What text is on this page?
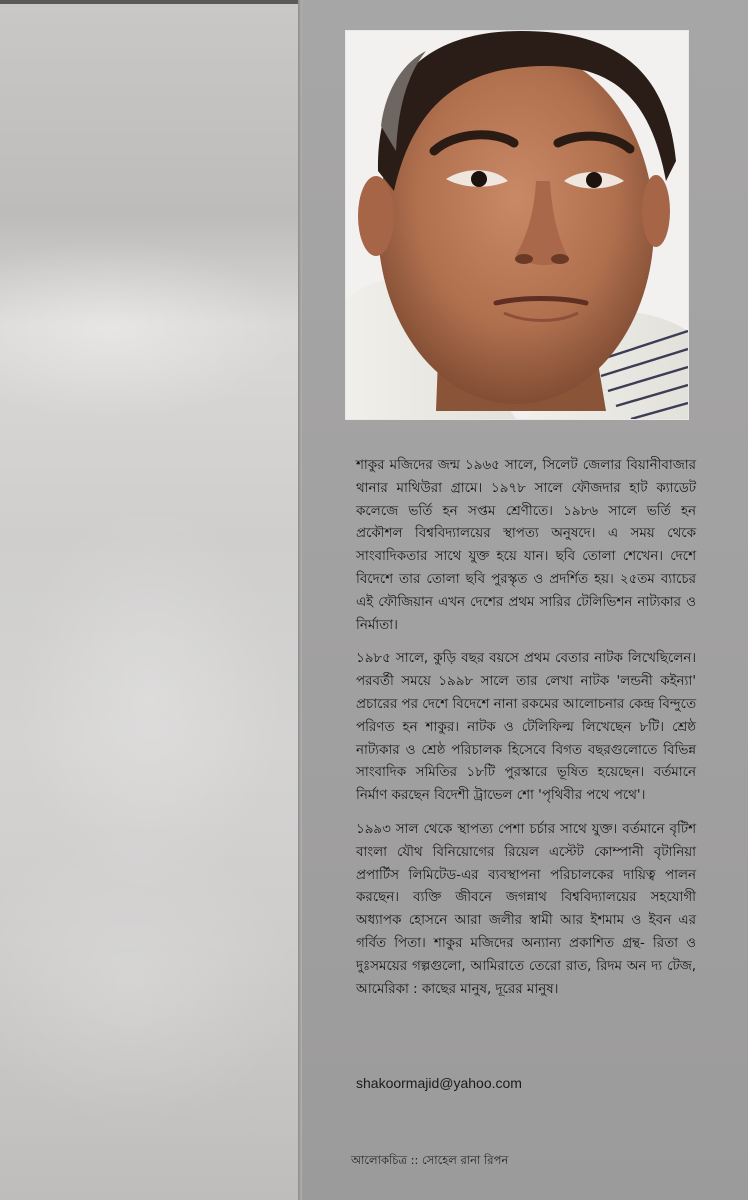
শাকুর মজিদের জন্ম ১৯৬৫ সালে, সিলেট জেলার বিয়ানীবাজার থানার মাথিউরা গ্রামে। ১৯৭৮ সালে ফৌজদার হাট ক্যাডেট কলেজে ভর্তি হন সপ্তম শ্রেণীতে। ১৯৮৬ সালে ভর্তি হন প্রকৌশল বিশ্ববিদ্যালয়ের স্থাপত্য অনুষদে। এ সময় থেকে সাংবাদিকতার সাথে যুক্ত হয়ে যান। ছবি তোলা শেখেন। দেশে বিদেশে তার তোলা ছবি পুরস্কৃত ও প্রদর্শিত হয়। ২৫তম ব্যাচের এই ফৌজিয়ান এখন দেশের প্রথম সারির টেলিভিশন নাট্যকার ও নির্মাতা।

১৯৮৫ সালে, কুড়ি বছর বয়সে প্রথম বেতার নাটক লিখেছিলেন। পরবর্তী সময়ে ১৯৯৮ সালে তার লেখা নাটক 'লন্ডনী কইন্যা' প্রচারের পর দেশে বিদেশে নানা রকমের আলোচনার কেন্দ্র বিন্দুতে পরিণত হন শাকুর। নাটক ও টেলিফিল্ম লিখেছেন ৮টি। শ্রেষ্ঠ নাট্যকার ও শ্রেষ্ঠ পরিচালক হিসেবে বিগত বছরগুলোতে বিভিন্ন সাংবাদিক সমিতির ১৮টি পুরস্কারে ভূষিত হয়েছেন। বর্তমানে নির্মাণ করছেন বিদেশী ট্রাভেল শো 'পৃথিবীর পথে পথে'।

১৯৯৩ সাল থেকে স্থাপত্য পেশা চর্চার সাথে যুক্ত। বর্তমানে বৃটিশ বাংলা যৌথ বিনিয়োগের রিয়েল এস্টেট কোম্পানী বৃটানিয়া প্রপার্টিস লিমিটেড-এর ব্যবস্থাপনা পরিচালকের দায়িত্ব পালন করছেন। ব্যক্তি জীবনে জগন্নাথ বিশ্ববিদ্যালয়ের সহযোগী অধ্যাপক হোসনে আরা জলীর স্বামী আর ইশমাম ও ইবন এর গর্বিত পিতা। শাকুর মজিদের অন্যান্য প্রকাশিত গ্রন্থ- রিতা ও দুঃসময়ের গল্পগুলো, আমিরাতে তেরো রাত, রিদম অন দ্য টেজ, আমেরিকা : কাছের মানুষ, দূরের মানুষ।

shakoormajid@yahoo.com
আলোকচিত্র :: সোহেল রানা রিপন
